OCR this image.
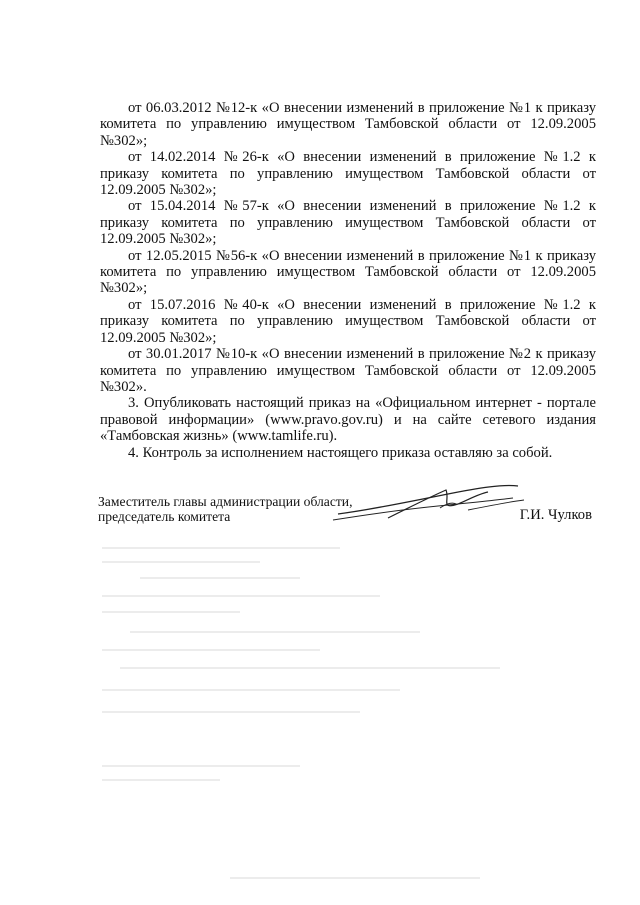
от 06.03.2012 №12-к «О внесении изменений в приложение №1 к приказу комитета по управлению имуществом Тамбовской области от 12.09.2005 №302»;

от 14.02.2014 №26-к «О внесении изменений в приложение №1.2 к приказу комитета по управлению имуществом Тамбовской области от 12.09.2005 №302»;

от 15.04.2014 №57-к «О внесении изменений в приложение №1.2 к приказу комитета по управлению имуществом Тамбовской области от 12.09.2005 №302»;

от 12.05.2015 №56-к «О внесении изменений в приложение №1 к приказу комитета по управлению имуществом Тамбовской области от 12.09.2005 №302»;

от 15.07.2016 №40-к «О внесении изменений в приложение №1.2 к приказу комитета по управлению имуществом Тамбовской области от 12.09.2005 №302»;

от 30.01.2017 №10-к «О внесении изменений в приложение №2 к приказу комитета по управлению имуществом Тамбовской области от 12.09.2005 №302».

3. Опубликовать настоящий приказ на «Официальном интернет - портале правовой информации» (www.pravo.gov.ru) и на сайте сетевого издания «Тамбовская жизнь» (www.tamlife.ru).

4. Контроль за исполнением настоящего приказа оставляю за собой.

Заместитель главы администрации области,
председатель комитета	Г.И. Чулков
